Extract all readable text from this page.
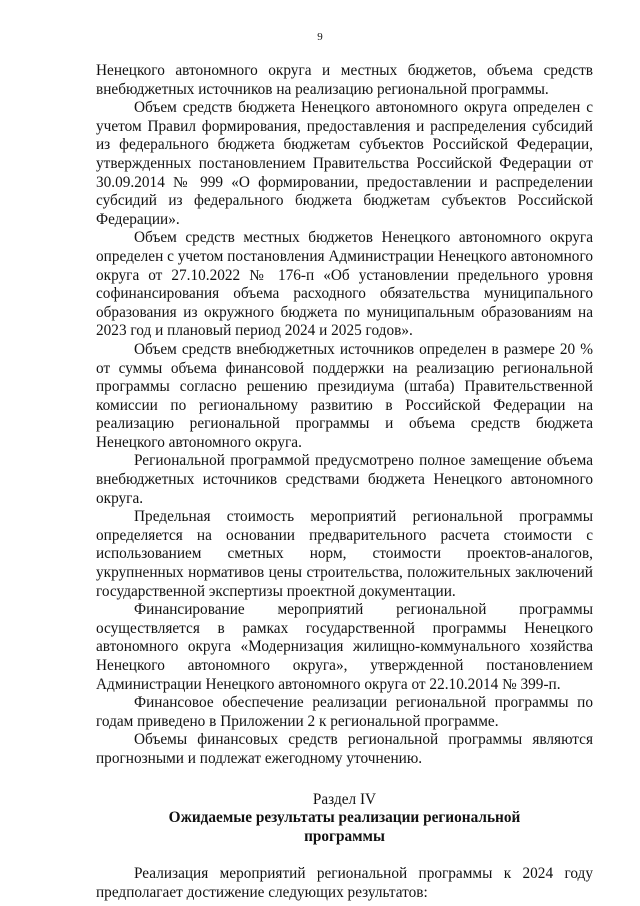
9

Ненецкого автономного округа и местных бюджетов, объема средств внебюджетных источников на реализацию региональной программы.

Объем средств бюджета Ненецкого автономного округа определен с учетом Правил формирования, предоставления и распределения субсидий из федерального бюджета бюджетам субъектов Российской Федерации, утвержденных постановлением Правительства Российской Федерации от 30.09.2014 № 999 «О формировании, предоставлении и распределении субсидий из федерального бюджета бюджетам субъектов Российской Федерации».

Объем средств местных бюджетов Ненецкого автономного округа определен с учетом постановления Администрации Ненецкого автономного округа от 27.10.2022 № 176-п «Об установлении предельного уровня софинансирования объема расходного обязательства муниципального образования из окружного бюджета по муниципальным образованиям на 2023 год и плановый период 2024 и 2025 годов».

Объем средств внебюджетных источников определен в размере 20 % от суммы объема финансовой поддержки на реализацию региональной программы согласно решению президиума (штаба) Правительственной комиссии по региональному развитию в Российской Федерации на реализацию региональной программы и объема средств бюджета Ненецкого автономного округа.

Региональной программой предусмотрено полное замещение объема внебюджетных источников средствами бюджета Ненецкого автономного округа.

Предельная стоимость мероприятий региональной программы определяется на основании предварительного расчета стоимости с использованием сметных норм, стоимости проектов-аналогов, укрупненных нормативов цены строительства, положительных заключений государственной экспертизы проектной документации.

Финансирование мероприятий региональной программы осуществляется в рамках государственной программы Ненецкого автономного округа «Модернизация жилищно-коммунального хозяйства Ненецкого автономного округа», утвержденной постановлением Администрации Ненецкого автономного округа от 22.10.2014 № 399-п.

Финансовое обеспечение реализации региональной программы по годам приведено в Приложении 2 к региональной программе.

Объемы финансовых средств региональной программы являются прогнозными и подлежат ежегодному уточнению.

Раздел IV
Ожидаемые результаты реализации региональной программы

Реализация мероприятий региональной программы к 2024 году предполагает достижение следующих результатов:
